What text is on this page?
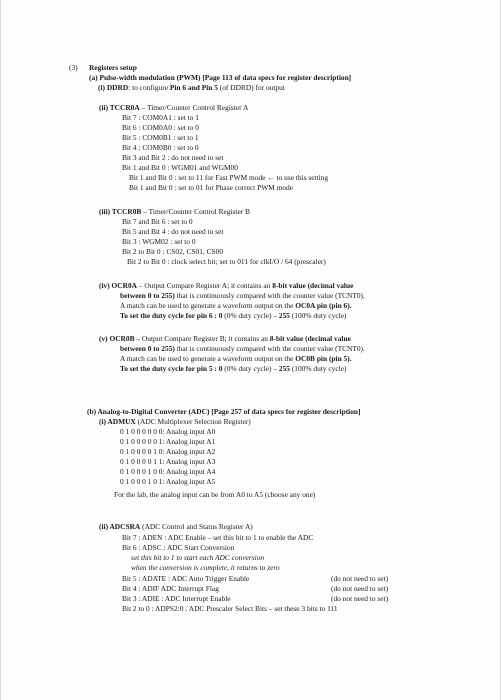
(3) Registers setup
(a) Pulse-width modulation (PWM) [Page 113 of data specs for register description]
(i) DDRD: to configure Pin 6 and Pin 5 (of DDRD) for output
(ii) TCCR0A – Timer/Counter Control Register A
Bit 7 : COM0A1 : set to 1
Bit 6 : COM0A0 : set to 0
Bit 5 : COM0B1 : set to 1
Bit 4 : COM0B0 : set to 0
Bit 3 and Bit 2 : do not need to set
Bit 1 and Bit 0 : WGM01 and WGM00
Bit 1 and Bit 0 : set to 11 for Fast PWM mode ← to use this setting
Bit 1 and Bit 0 : set to 01 for Phase correct PWM mode
(iii) TCCR0B – Timer/Counter Control Register B
Bit 7 and Bit 6 : set to 0
Bit 5 and Bit 4 : do not need to set
Bit 3 : WGM02 : set to 0
Bit 2 to Bit 0 : CS02, CS01, CS00
Bit 2 to Bit 0 : clock select bit; set to 011 for clkI/O / 64 (prescaler)
(iv) OCR0A – Output Compare Register A; it contains an 8-bit value (decimal value
between 0 to 255) that is continuously compared with the counter value (TCNT0).
A match can be used to generate a waveform output on the OC0A pin (pin 6).
To set the duty cycle for pin 6 : 0 (0% duty cycle) – 255 (100% duty cycle)
(v) OCR0B – Output Compare Register B; it contains an 8-bit value (decimal value
between 0 to 255) that is continuously compared with the counter value (TCNT0).
A match can be used to generate a waveform output on the OC0B pin (pin 5).
To set the duty cycle for pin 5 : 0 (0% duty cycle) – 255 (100% duty cycle)
(b) Analog-to-Digital Converter (ADC) [Page 257 of data specs for register description]
(i) ADMUX (ADC Multiplexer Selection Register)
0 1 0 0 0 0 0 0: Analog input A0
0 1 0 0 0 0 0 1: Analog input A1
0 1 0 0 0 0 1 0: Analog input A2
0 1 0 0 0 0 1 1: Analog input A3
0 1 0 0 0 1 0 0: Analog input A4
0 1 0 0 0 1 0 1: Analog input A5
For the lab, the analog input can be from A0 to A5 (choose any one)
(ii) ADCSRA (ADC Control and Status Register A)
Bit 7 : ADEN : ADC Enable – set this bit to 1 to enable the ADC
Bit 6 : ADSC : ADC Start Conversion
set this bit to 1 to start each ADC conversion
when the conversion is complete, it returns to zero
Bit 5 : ADATE : ADC Auto Trigger Enable	(do not need to set)
Bit 4 : ADIF ADC Interrupt Flag	(do not need to set)
Bit 3 : ADIE : ADC Interrupt Enable	(do not need to set)
Bit 2 to 0 : ADPS2:0 : ADC Prescaler Select Bits – set these 3 bits to 111
